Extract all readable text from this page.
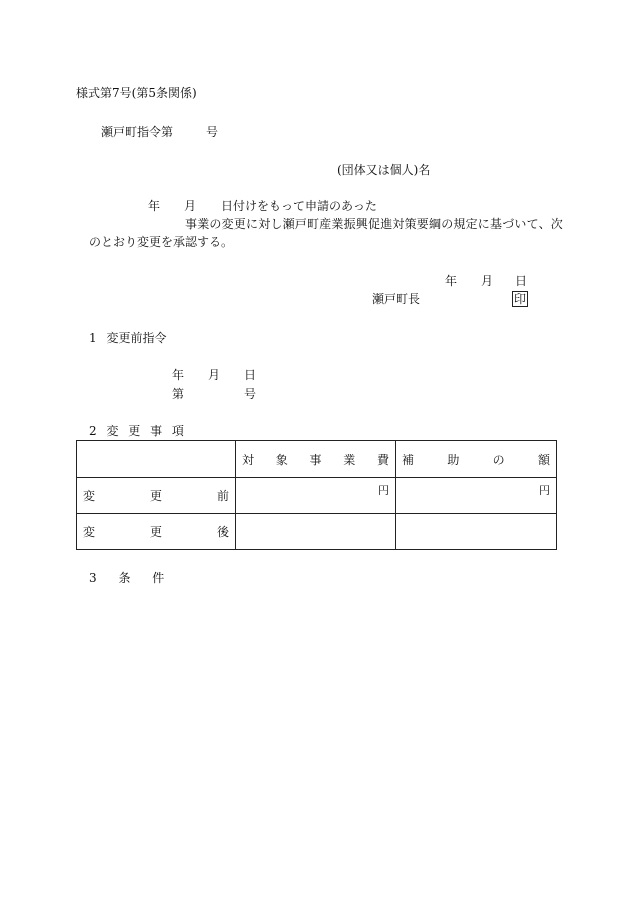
様式第7号(第5条関係)
瀬戸町指令第	号
(団体又は個人)名
年 月 日付けをもって申請のあった
事業の変更に対し瀬戸町産業振興促進対策要綱の規定に基づいて、次
のとおり変更を承認する。
年 月 日
瀬戸町長	印
1 変更前指令
年 月 日
第	号
2 変 更 事 項

	対 象 事 業 費	補 助 の 額

変 更 前	円	円

変 更 後		

3 条 件
